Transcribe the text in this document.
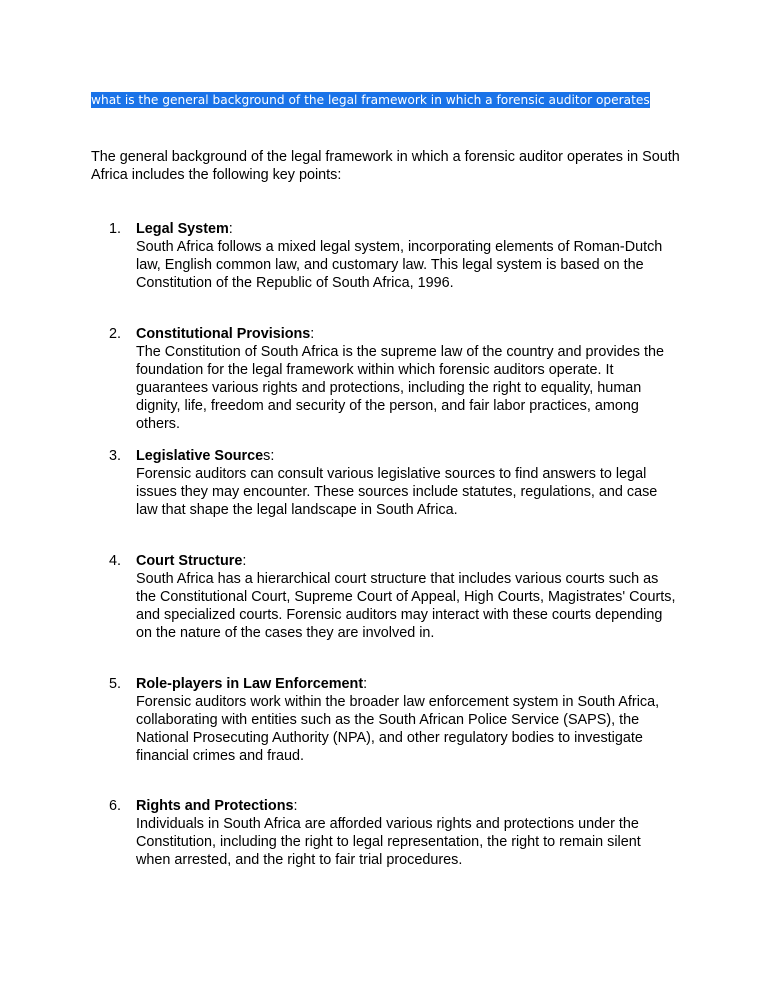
what is the general background of the legal framework in which a forensic auditor operates
The general background of the legal framework in which a forensic auditor operates in South Africa includes the following key points:
1. Legal System:
South Africa follows a mixed legal system, incorporating elements of Roman-Dutch law, English common law, and customary law. This legal system is based on the Constitution of the Republic of South Africa, 1996.
2. Constitutional Provisions:
The Constitution of South Africa is the supreme law of the country and provides the foundation for the legal framework within which forensic auditors operate. It guarantees various rights and protections, including the right to equality, human dignity, life, freedom and security of the person, and fair labor practices, among others.
3. Legislative Sources:
Forensic auditors can consult various legislative sources to find answers to legal issues they may encounter. These sources include statutes, regulations, and case law that shape the legal landscape in South Africa.
4. Court Structure:
South Africa has a hierarchical court structure that includes various courts such as the Constitutional Court, Supreme Court of Appeal, High Courts, Magistrates' Courts, and specialized courts. Forensic auditors may interact with these courts depending on the nature of the cases they are involved in.
5. Role-players in Law Enforcement:
Forensic auditors work within the broader law enforcement system in South Africa, collaborating with entities such as the South African Police Service (SAPS), the National Prosecuting Authority (NPA), and other regulatory bodies to investigate financial crimes and fraud.
6. Rights and Protections:
Individuals in South Africa are afforded various rights and protections under the Constitution, including the right to legal representation, the right to remain silent when arrested, and the right to fair trial procedures.
